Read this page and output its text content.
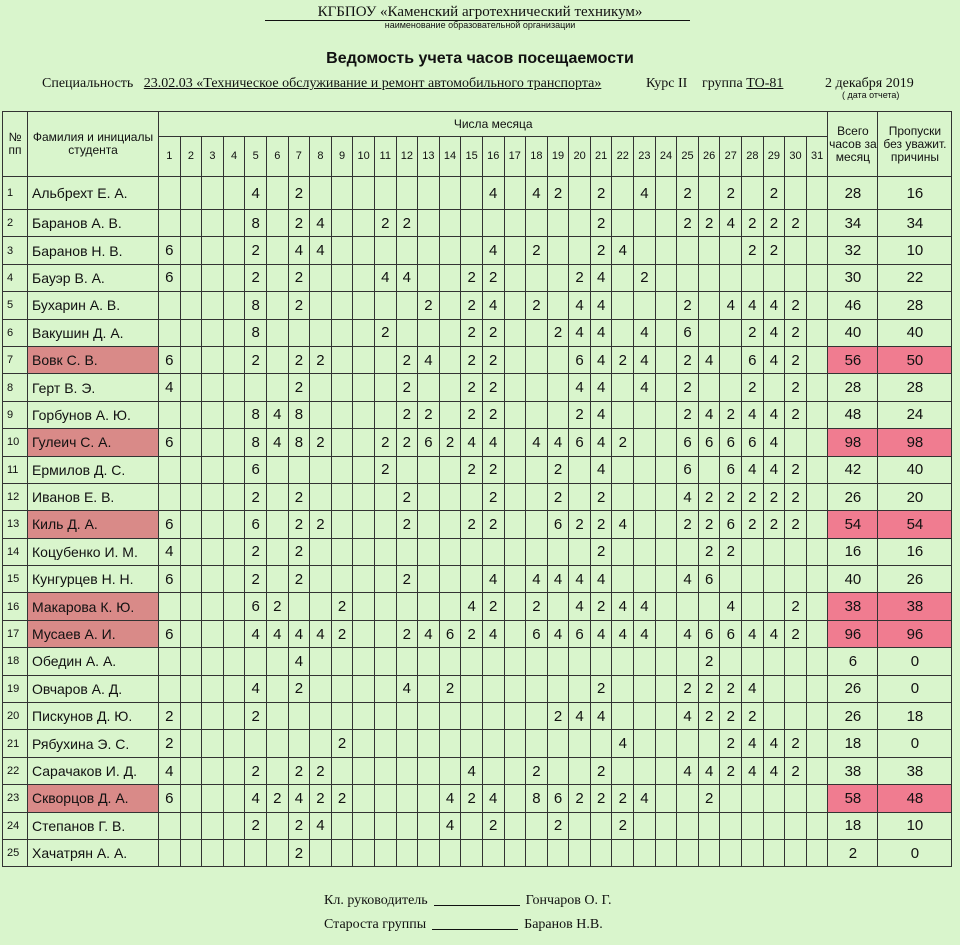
КГБПОУ «Каменский агротехнический техникум»
наименование образовательной организации
Ведомость учета часов посещаемости
Специальность 23.02.03 «Техническое обслуживание и ремонт автомобильного транспорта»	Курс II группа ТО-81	2 декабря 2019
( дата отчета)
№ пп	Фамилия и инициалы студента	Числа месяца																															Всего часов за месяц	Пропуски без уважит. причины
		1	2	3	4	5	6	7	8	9	10	11	12	13	14	15	16	17	18	19	20	21	22	23	24	25	26	27	28	29	30	31		
1	Альбрехт Е. А.					4		2									4		4	2		2		4		2		2		2			28	16
2	Баранов А. В.					8		2	4			2	2									2				2	2	4	2	2	2		34	34
3	Баранов Н. В.	6				2		4	4								4		2			2	4						2	2			32	10
4	Бауэр В. А.	6				2		2				4	4			2	2				2	4		2									30	22
5	Бухарин А. В.					8		2						2		2	4		2		4	4				2		4	4	4	2		46	28
6	Вакушин Д. А.					8						2				2	2			2	4	4		4		6			2	4	2		40	40
7	Вовк С. В.	6				2		2	2				2	4		2	2				6	4	2	4		2	4		6	4	2		56	50
8	Герт В. Э.	4						2					2			2	2				4	4		4		2			2		2		28	28
9	Горбунов А. Ю.					8	4	8					2	2		2	2				2	4				2	4	2	4	4	2		48	24
10	Гулеич С. А.	6				8	4	8	2			2	2	6	2	4	4		4	4	6	4	2			6	6	6	6	4			98	98
11	Ермилов Д. С.					6						2				2	2			2		4				6		6	4	4	2		42	40
12	Иванов Е. В.					2		2					2				2			2		2				4	2	2	2	2	2		26	20
13	Киль Д. А.	6				6		2	2				2			2	2			6	2	2	4			2	2	6	2	2	2		54	54
14	Коцубенко И. М.	4				2		2														2					2	2					16	16
15	Кунгурцев Н. Н.	6				2		2					2				4		4	4	4	4				4	6						40	26
16	Макарова К. Ю.					6	2			2						4	2		2		4	2	4	4				4			2		38	38
17	Мусаев А. И.	6				4	4	4	4	2			2	4	6	2	4		6	4	6	4	4	4		4	6	6	4	4	2		96	96
18	Обедин А. А.							4																			2						6	0
19	Овчаров А. Д.					4		2					4		2							2				2	2	2	4				26	0
20	Пискунов Д. Ю.	2				2														2	4	4				4	2	2	2				26	18
21	Рябухина Э. С.	2								2													4					2	4	4	2		18	0
22	Сарачаков И. Д.	4				2		2	2							4			2			2				4	4	2	4	4	2		38	38
23	Скворцов Д. А.	6				4	2	4	2	2					4	2	4		8	6	2	2	2	4			2						58	48
24	Степанов Г. В.					2		2	4						4		2			2			2										18	10
25	Хачатрян А. А.							2																									2	0
Кл. руководитель	Гончаров О. Г.
Староста группы	Баранов Н.В.
